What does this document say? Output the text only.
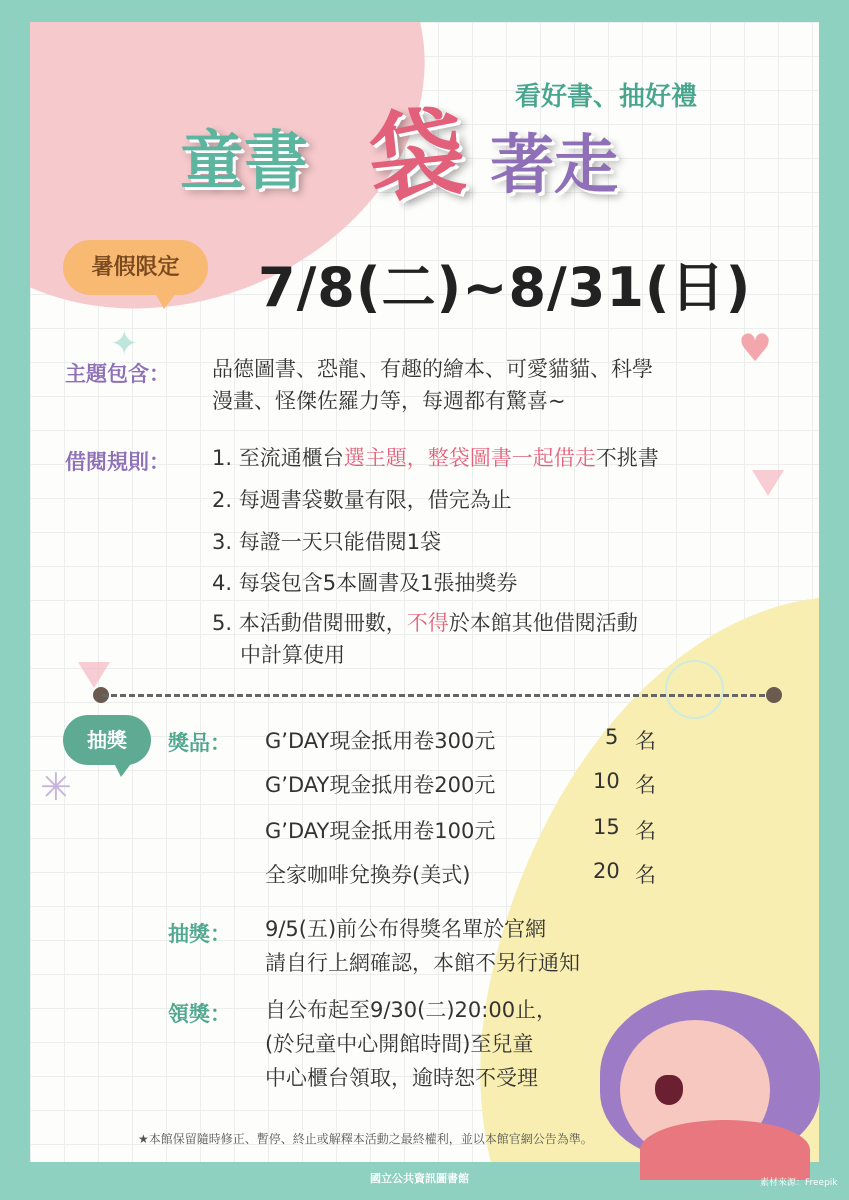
✦	♥
✳
童書 袋 著走
看好書、抽好禮
暑假限定	7/8(二)~8/31(日)
主題包含： 品德圖書、恐龍、有趣的繪本、可愛貓貓、科學
漫畫、怪傑佐羅力等，每週都有驚喜~
借閱規則： 1. 至流通櫃台選主題，整袋圖書一起借走不挑書
2. 每週書袋數量有限，借完為止
3. 每證一天只能借閱1袋
4. 每袋包含5本圖書及1張抽獎券
5. 本活動借閱冊數，不得於本館其他借閱活動
中計算使用
抽獎	獎品： G’DAY現金抵用卷300元	5 名
G’DAY現金抵用卷200元	10 名
G’DAY現金抵用卷100元	15 名
全家咖啡兌換券(美式)	20 名
抽獎： 9/5(五)前公布得獎名單於官網
請自行上網確認，本館不另行通知
領獎： 自公布起至9/30(二)20:00止，
(於兒童中心開館時間)至兒童
中心櫃台領取，逾時恕不受理
★本館保留隨時修正、暫停、終止或解釋本活動之最終權利，並以本館官網公告為準。
國立公共資訊圖書館	素材來源：Freepik
